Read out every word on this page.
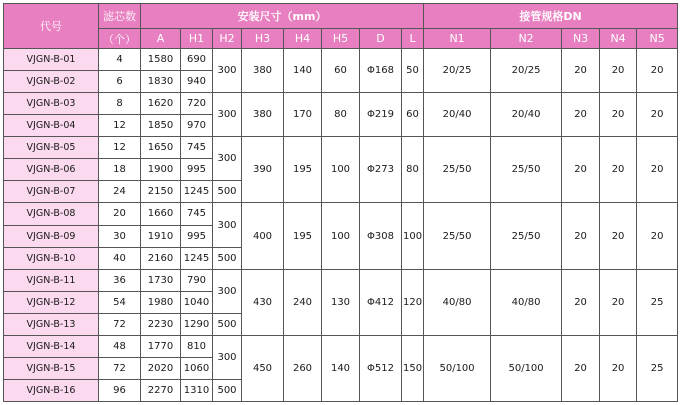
代号	滤芯数	安装尺寸（mm）								接管规格DN				
	（个）	A	H1	H2	H3	H4	H5	D	L	N1	N2	N3	N4	N5
VJGN-B-01	4	1580	690	300	380	140	60	Φ168	50	20/25	20/25	20	20	20
VJGN-B-02	6	1830	940											
VJGN-B-03	8	1620	720	300	380	170	80	Φ219	60	20/40	20/40	20	20	20
VJGN-B-04	12	1850	970											
VJGN-B-05	12	1650	745	300	390	195	100	Φ273	80	25/50	25/50	20	20	20
VJGN-B-06	18	1900	995											
VJGN-B-07	24	2150	1245	500										
VJGN-B-08	20	1660	745	300	400	195	100	Φ308	100	25/50	25/50	20	20	20
VJGN-B-09	30	1910	995											
VJGN-B-10	40	2160	1245	500										
VJGN-B-11	36	1730	790	300	430	240	130	Φ412	120	40/80	40/80	20	20	25
VJGN-B-12	54	1980	1040											
VJGN-B-13	72	2230	1290	500										
VJGN-B-14	48	1770	810	300	450	260	140	Φ512	150	50/100	50/100	20	20	25
VJGN-B-15	72	2020	1060											
VJGN-B-16	96	2270	1310	500										
